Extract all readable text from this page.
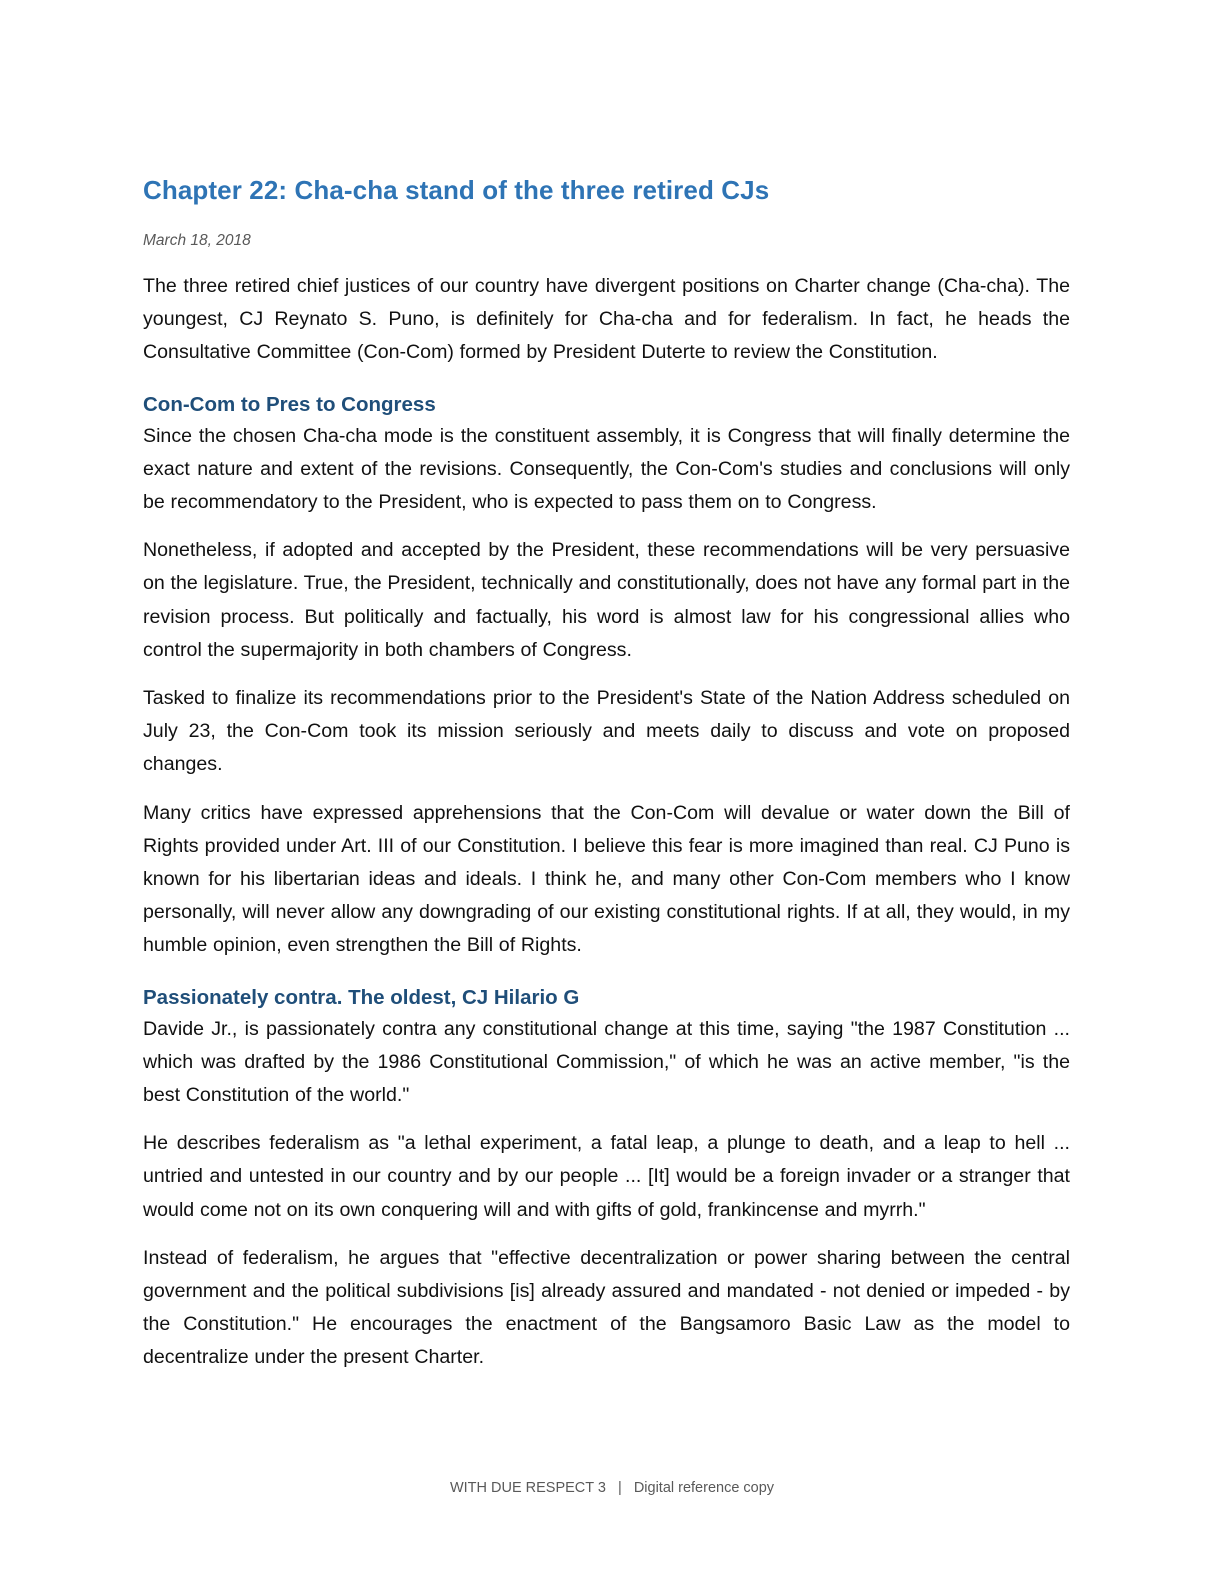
Chapter 22: Cha-cha stand of the three retired CJs
March 18, 2018

The three retired chief justices of our country have divergent positions on Charter change (Cha-cha). The youngest, CJ Reynato S. Puno, is definitely for Cha-cha and for federalism. In fact, he heads the Consultative Committee (Con-Com) formed by President Duterte to review the Constitution.

Con-Com to Pres to Congress

Since the chosen Cha-cha mode is the constituent assembly, it is Congress that will finally determine the exact nature and extent of the revisions. Consequently, the Con-Com's studies and conclusions will only be recommendatory to the President, who is expected to pass them on to Congress.

Nonetheless, if adopted and accepted by the President, these recommendations will be very persuasive on the legislature. True, the President, technically and constitutionally, does not have any formal part in the revision process. But politically and factually, his word is almost law for his congressional allies who control the supermajority in both chambers of Congress.

Tasked to finalize its recommendations prior to the President's State of the Nation Address scheduled on July 23, the Con-Com took its mission seriously and meets daily to discuss and vote on proposed changes.

Many critics have expressed apprehensions that the Con-Com will devalue or water down the Bill of Rights provided under Art. III of our Constitution. I believe this fear is more imagined than real. CJ Puno is known for his libertarian ideas and ideals. I think he, and many other Con-Com members who I know personally, will never allow any downgrading of our existing constitutional rights. If at all, they would, in my humble opinion, even strengthen the Bill of Rights.

Passionately contra. The oldest, CJ Hilario G

Davide Jr., is passionately contra any constitutional change at this time, saying "the 1987 Constitution ... which was drafted by the 1986 Constitutional Commission," of which he was an active member, "is the best Constitution of the world."

He describes federalism as "a lethal experiment, a fatal leap, a plunge to death, and a leap to hell ... untried and untested in our country and by our people ... [It] would be a foreign invader or a stranger that would come not on its own conquering will and with gifts of gold, frankincense and myrrh."

Instead of federalism, he argues that "effective decentralization or power sharing between the central government and the political subdivisions [is] already assured and mandated - not denied or impeded - by the Constitution." He encourages the enactment of the Bangsamoro Basic Law as the model to decentralize under the present Charter.

WITH DUE RESPECT 3 | Digital reference copy
